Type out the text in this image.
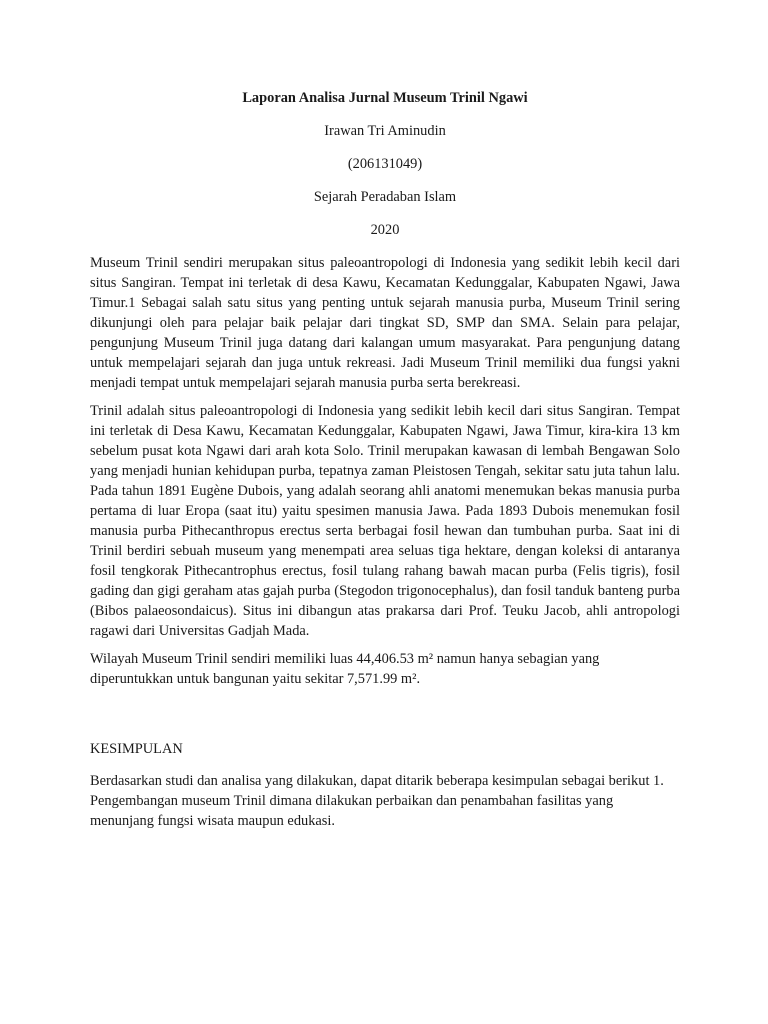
Laporan Analisa Jurnal Museum Trinil Ngawi

Irawan Tri Aminudin

(206131049)

Sejarah Peradaban Islam

2020

Museum Trinil sendiri merupakan situs paleoantropologi di Indonesia yang sedikit lebih kecil dari situs Sangiran. Tempat ini terletak di desa Kawu, Kecamatan Kedunggalar, Kabupaten Ngawi, Jawa Timur.1 Sebagai salah satu situs yang penting untuk sejarah manusia purba, Museum Trinil sering dikunjungi oleh para pelajar baik pelajar dari tingkat SD, SMP dan SMA. Selain para pelajar, pengunjung Museum Trinil juga datang dari kalangan umum masyarakat. Para pengunjung datang untuk mempelajari sejarah dan juga untuk rekreasi. Jadi Museum Trinil memiliki dua fungsi yakni menjadi tempat untuk mempelajari sejarah manusia purba serta berekreasi.

Trinil adalah situs paleoantropologi di Indonesia yang sedikit lebih kecil dari situs Sangiran. Tempat ini terletak di Desa Kawu, Kecamatan Kedunggalar, Kabupaten Ngawi, Jawa Timur, kira-kira 13 km sebelum pusat kota Ngawi dari arah kota Solo. Trinil merupakan kawasan di lembah Bengawan Solo yang menjadi hunian kehidupan purba, tepatnya zaman Pleistosen Tengah, sekitar satu juta tahun lalu. Pada tahun 1891 Eugène Dubois, yang adalah seorang ahli anatomi menemukan bekas manusia purba pertama di luar Eropa (saat itu) yaitu spesimen manusia Jawa. Pada 1893 Dubois menemukan fosil manusia purba Pithecanthropus erectus serta berbagai fosil hewan dan tumbuhan purba. Saat ini di Trinil berdiri sebuah museum yang menempati area seluas tiga hektare, dengan koleksi di antaranya fosil tengkorak Pithecantrophus erectus, fosil tulang rahang bawah macan purba (Felis tigris), fosil gading dan gigi geraham atas gajah purba (Stegodon trigonocephalus), dan fosil tanduk banteng purba (Bibos palaeosondaicus). Situs ini dibangun atas prakarsa dari Prof. Teuku Jacob, ahli antropologi ragawi dari Universitas Gadjah Mada.

Wilayah Museum Trinil sendiri memiliki luas 44,406.53 m² namun hanya sebagian yang diperuntukkan untuk bangunan yaitu sekitar 7,571.99 m².

KESIMPULAN

Berdasarkan studi dan analisa yang dilakukan, dapat ditarik beberapa kesimpulan sebagai berikut 1. Pengembangan museum Trinil dimana dilakukan perbaikan dan penambahan fasilitas yang menunjang fungsi wisata maupun edukasi.
